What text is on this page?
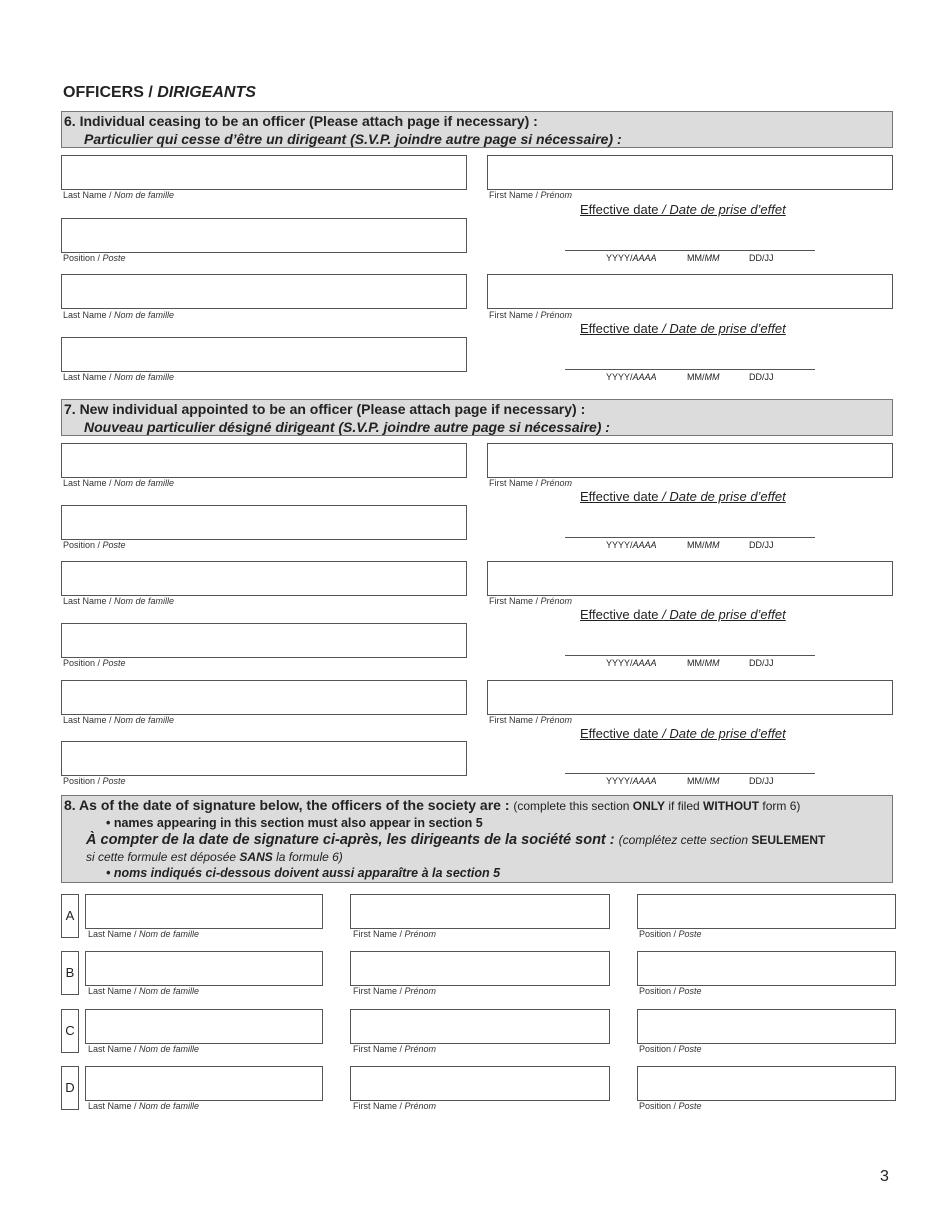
OFFICERS / DIRIGEANTS
6. Individual ceasing to be an officer (Please attach page if necessary) :
Particulier qui cesse d’être un dirigeant (S.V.P. joindre autre page si nécessaire) :
Last Name / Nom de famille	First Name / Prénom
Effective date / Date de prise d’effet
Position / Poste	YYYY/AAAA	MM/MM	DD/JJ
Last Name / Nom de famille	First Name / Prénom
Effective date / Date de prise d’effet
Last Name / Nom de famille	YYYY/AAAA	MM/MM	DD/JJ
7. New individual appointed to be an officer (Please attach page if necessary) :
Nouveau particulier désigné dirigeant (S.V.P. joindre autre page si nécessaire) :
Last Name / Nom de famille	First Name / Prénom
Effective date / Date de prise d’effet
Position / Poste	YYYY/AAAA	MM/MM	DD/JJ
Last Name / Nom de famille	First Name / Prénom
Effective date / Date de prise d’effet
Position / Poste	YYYY/AAAA	MM/MM	DD/JJ
Last Name / Nom de famille	First Name / Prénom
Effective date / Date de prise d’effet
Position / Poste	YYYY/AAAA	MM/MM	DD/JJ
8. As of the date of signature below, the officers of the society are : (complete this section ONLY if filed WITHOUT form 6)
• names appearing in this section must also appear in section 5
À compter de la date de signature ci-après, les dirigeants de la société sont : (complétez cette section SEULEMENT
si cette formule est déposée SANS la formule 6)
• noms indiqués ci-dessous doivent aussi apparaître à la section 5
A
Last Name / Nom de famille	First Name / Prénom	Position / Poste
B
Last Name / Nom de famille	First Name / Prénom	Position / Poste
C
Last Name / Nom de famille	First Name / Prénom	Position / Poste
D
Last Name / Nom de famille	First Name / Prénom	Position / Poste
3
